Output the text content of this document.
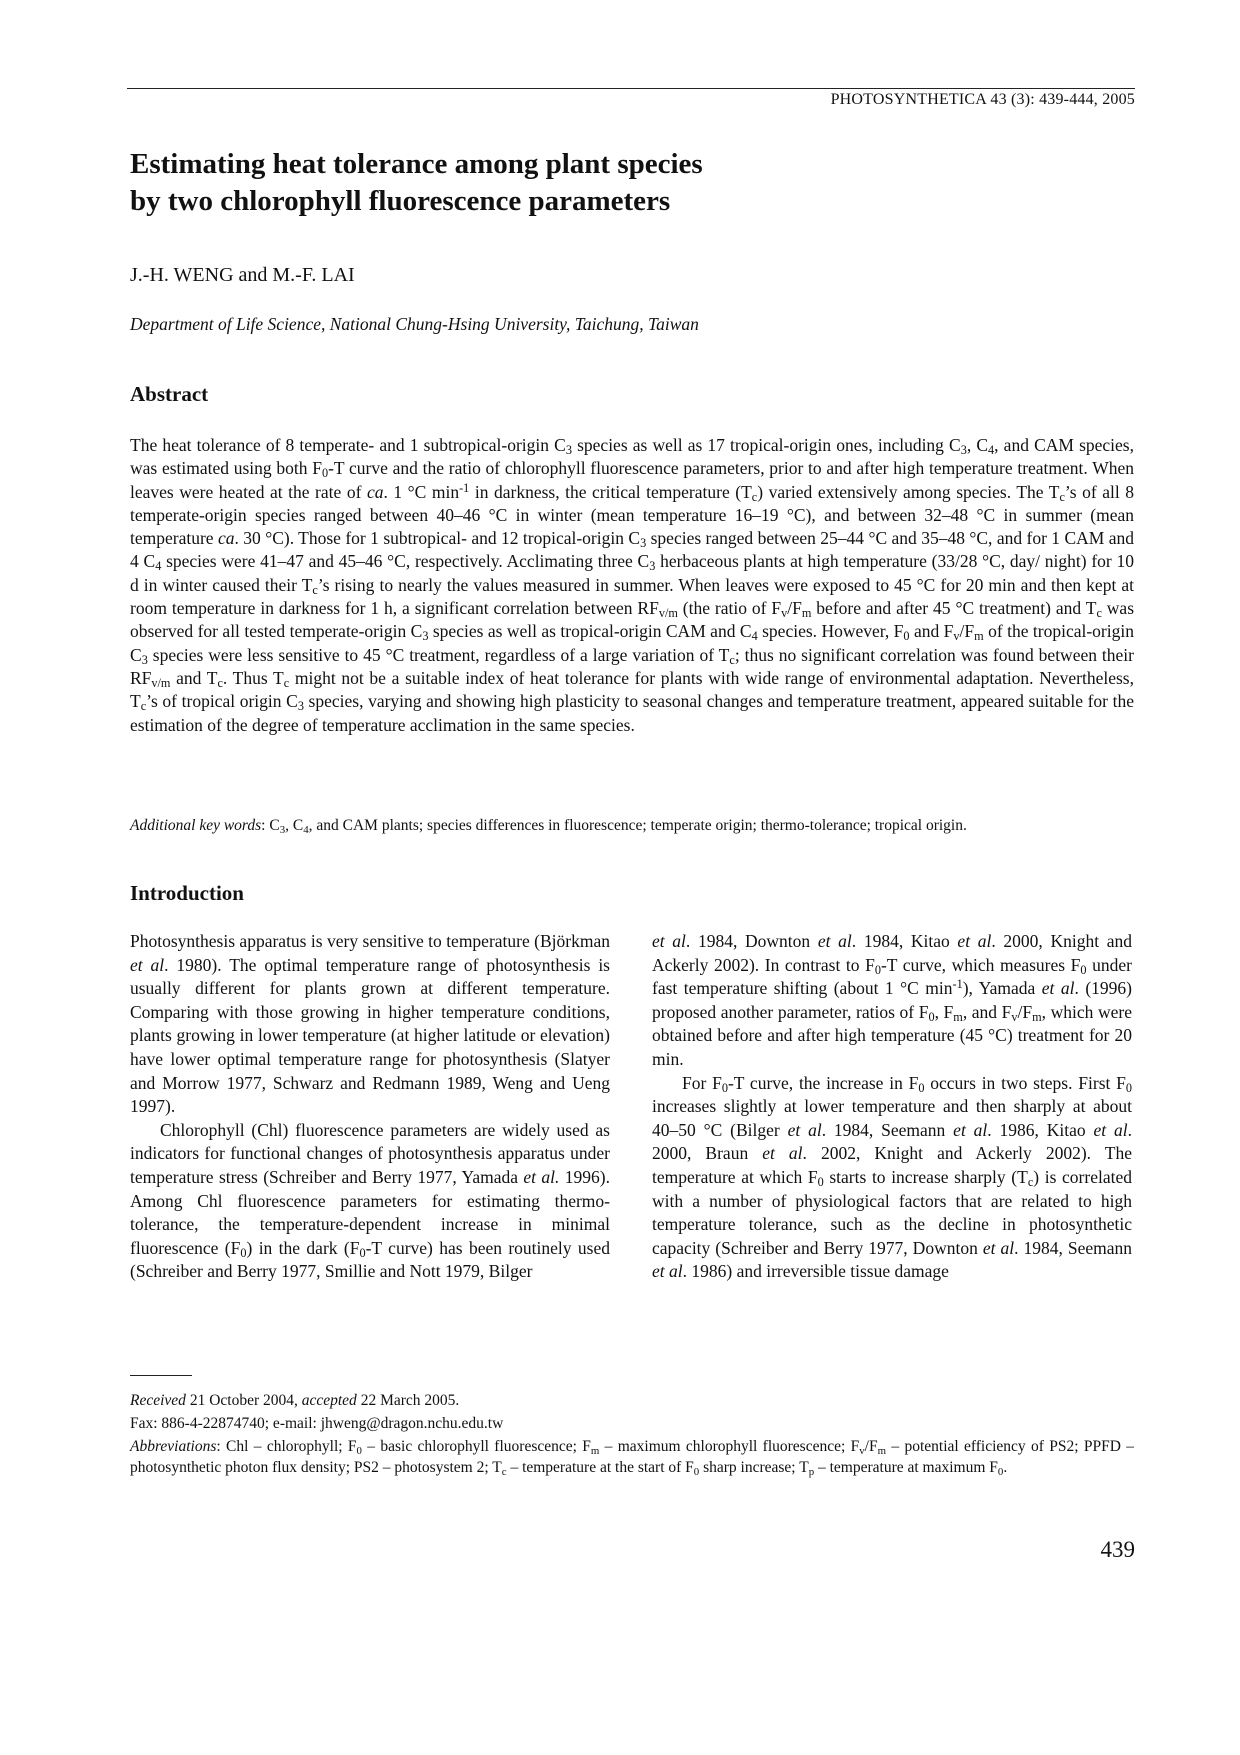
PHOTOSYNTHETICA 43 (3): 439-444, 2005
Estimating heat tolerance among plant species
by two chlorophyll fluorescence parameters
J.-H. WENG and M.-F. LAI
Department of Life Science, National Chung-Hsing University, Taichung, Taiwan
Abstract

The heat tolerance of 8 temperate- and 1 subtropical-origin $C_3$ species as well as 17 tropical-origin ones, including $C_3$, $C_4$, and CAM species, was estimated using both $F_0-T$ curve and the ratio of chlorophyll fluorescence parameters, prior to and after high temperature treatment. When leaves were heated at the rate of ca. 1 °C $\min^{-1}$ in darkness, the critical temperature $(T_c)$ varied extensively among species. The $T_c’s$ of all 8 temperate-origin species ranged between 40–46 °C in winter (mean temperature 16–19 °C), and between 32–48 °C in summer (mean temperature ca. 30 °C). Those for 1 subtropical- and 12 tropical-origin $C_3$ species ranged between 25–44 °C and 35–48 °C, and for 1 CAM and 4 $C_4$ species were 41–47 and 45–46 °C, respectively. Acclimating three $C_3$ herbaceous plants at high temperature (33/28 °C, day/ night) for 10 d in winter caused their $T_c’s$ rising to nearly the values measured in summer. When leaves were exposed to 45 °C for 20 min and then kept at room temperature in darkness for 1 h, a significant correlation between $RF_{v/m}$ (the ratio of $F_v/F_m$ before and after 45 °C treatment) and $T_c$ was observed for all tested temperate-origin $C_3$ species as well as tropical-origin CAM and $C_4$ species. However, $F_0$ and $F_v/F_m$ of the tropical-origin $C_3$ species were less sensitive to 45 °C treatment, regardless of a large variation of $T_c$; thus no significant correlation was found between their $RF_{v/m}$ and $T_c$. Thus $T_c$ might not be a suitable index of heat tolerance for plants with wide range of environmental adaptation. Nevertheless, $T_c’s$ of tropical origin $C_3$ species, varying and showing high plasticity to seasonal changes and temperature treatment, appeared suitable for the estimation of the degree of temperature acclimation in the same species.

Additional key words: $C_3$, $C_4$, and CAM plants; species differences in fluorescence; temperate origin; thermo-tolerance; tropical origin.

Introduction

Photosynthesis apparatus is very sensitive to temperature (Björkman et al. 1980). The optimal temperature range of photosynthesis is usually different for plants grown at different temperature. Comparing with those growing in higher temperature conditions, plants growing in lower temperature (at higher latitude or elevation) have lower optimal temperature range for photosynthesis (Slatyer and Morrow 1977, Schwarz and Redmann 1989, Weng and Ueng 1997).

Chlorophyll (Chl) fluorescence parameters are widely used as indicators for functional changes of photosynthesis apparatus under temperature stress (Schreiber and Berry 1977, Yamada et al. 1996). Among Chl fluorescence parameters for estimating thermo-tolerance, the temperature-dependent increase in minimal fluorescence $(F_0)$ in the dark ($F_0-T$ curve) has been routinely used (Schreiber and Berry 1977, Smillie and Nott 1979, Bilger

et al. 1984, Downton et al. 1984, Kitao et al. 2000, Knight and Ackerly 2002). In contrast to $F_0-T$ curve, which measures $F_0$ under fast temperature shifting (about 1 °C $\min^{-1}$), Yamada et al. (1996) proposed another parameter, ratios of $F_0$, $F_m$, and $F_v/F_m$, which were obtained before and after high temperature (45 °C) treatment for 20 min.

For $F_0-T$ curve, the increase in $F_0$ occurs in two steps. First $F_0$ increases slightly at lower temperature and then sharply at about 40–50 °C (Bilger et al. 1984, Seemann et al. 1986, Kitao et al. 2000, Braun et al. 2002, Knight and Ackerly 2002). The temperature at which $F_0$ starts to increase sharply $(T_c)$ is correlated with a number of physiological factors that are related to high temperature tolerance, such as the decline in photosynthetic capacity (Schreiber and Berry 1977, Downton et al. 1984, Seemann et al. 1986) and irreversible tissue damage

Received 21 October 2004, accepted 22 March 2005.
Fax: 886-4-22874740; e-mail: jhweng@dragon.nchu.edu.tw
Abbreviations: Chl – chlorophyll; $F_0$ – basic chlorophyll fluorescence; $F_m$ – maximum chlorophyll fluorescence; $F_v/F_m$ – potential efficiency of PS2; PPFD – photosynthetic photon flux density; PS2 – photosystem 2; $T_c$ – temperature at the start of $F_0$ sharp increase; $T_p$ – temperature at maximum $F_0$.
439
